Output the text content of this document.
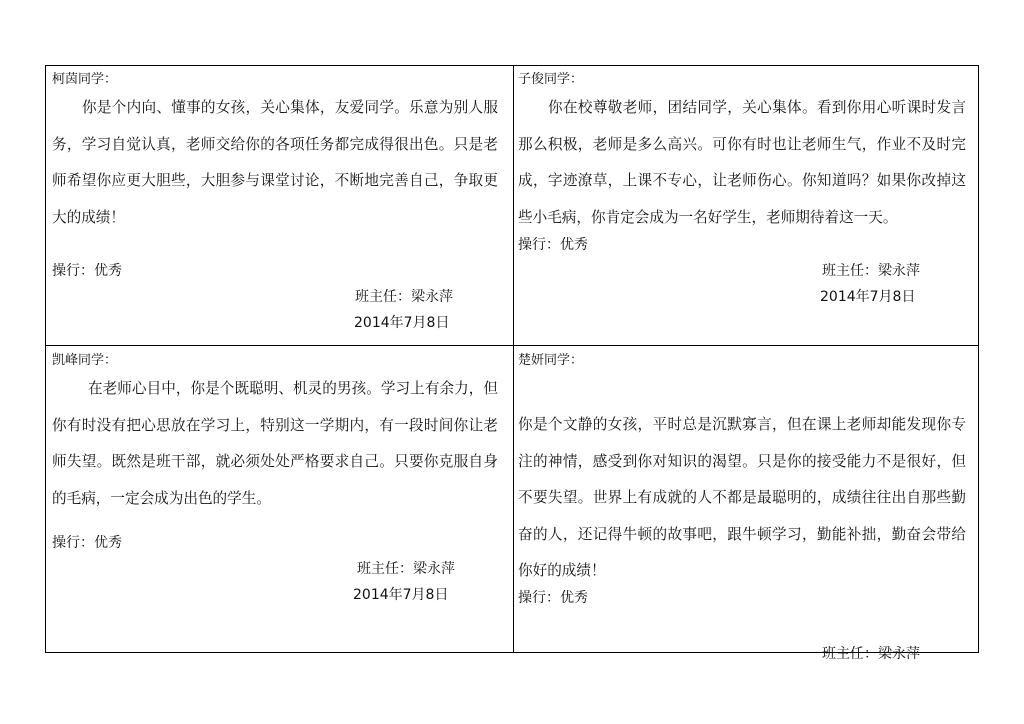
柯茵同学：
你是个内向、懂事的女孩，关心集体，友爱同学。乐意为别人服务，学习自觉认真，老师交给你的各项任务都完成得很出色。只是老师希望你应更大胆些，大胆参与课堂讨论，不断地完善自己，争取更大的成绩！
操行：优秀
班主任：梁永萍
2014年7月8日
子俊同学：
你在校尊敬老师，团结同学，关心集体。看到你用心听课时发言那么积极，老师是多么高兴。可你有时也让老师生气，作业不及时完成，字迹潦草，上课不专心，让老师伤心。你知道吗？如果你改掉这些小毛病，你肯定会成为一名好学生，老师期待着这一天。
操行：优秀
班主任：梁永萍
2014年7月8日
凯峰同学：
在老师心目中，你是个既聪明、机灵的男孩。学习上有余力，但你有时没有把心思放在学习上，特别这一学期内，有一段时间你让老师失望。既然是班干部，就必须处处严格要求自己。只要你克服自身的毛病，一定会成为出色的学生。
操行：优秀
班主任：梁永萍
2014年7月8日
楚妍同学：
你是个文静的女孩，平时总是沉默寡言，但在课上老师却能发现你专注的神情，感受到你对知识的渴望。只是你的接受能力不是很好，但不要失望。世界上有成就的人不都是最聪明的，成绩往往出自那些勤奋的人，还记得牛顿的故事吧，跟牛顿学习，勤能补拙，勤奋会带给你好的成绩！
操行：优秀
班主任：梁永萍
